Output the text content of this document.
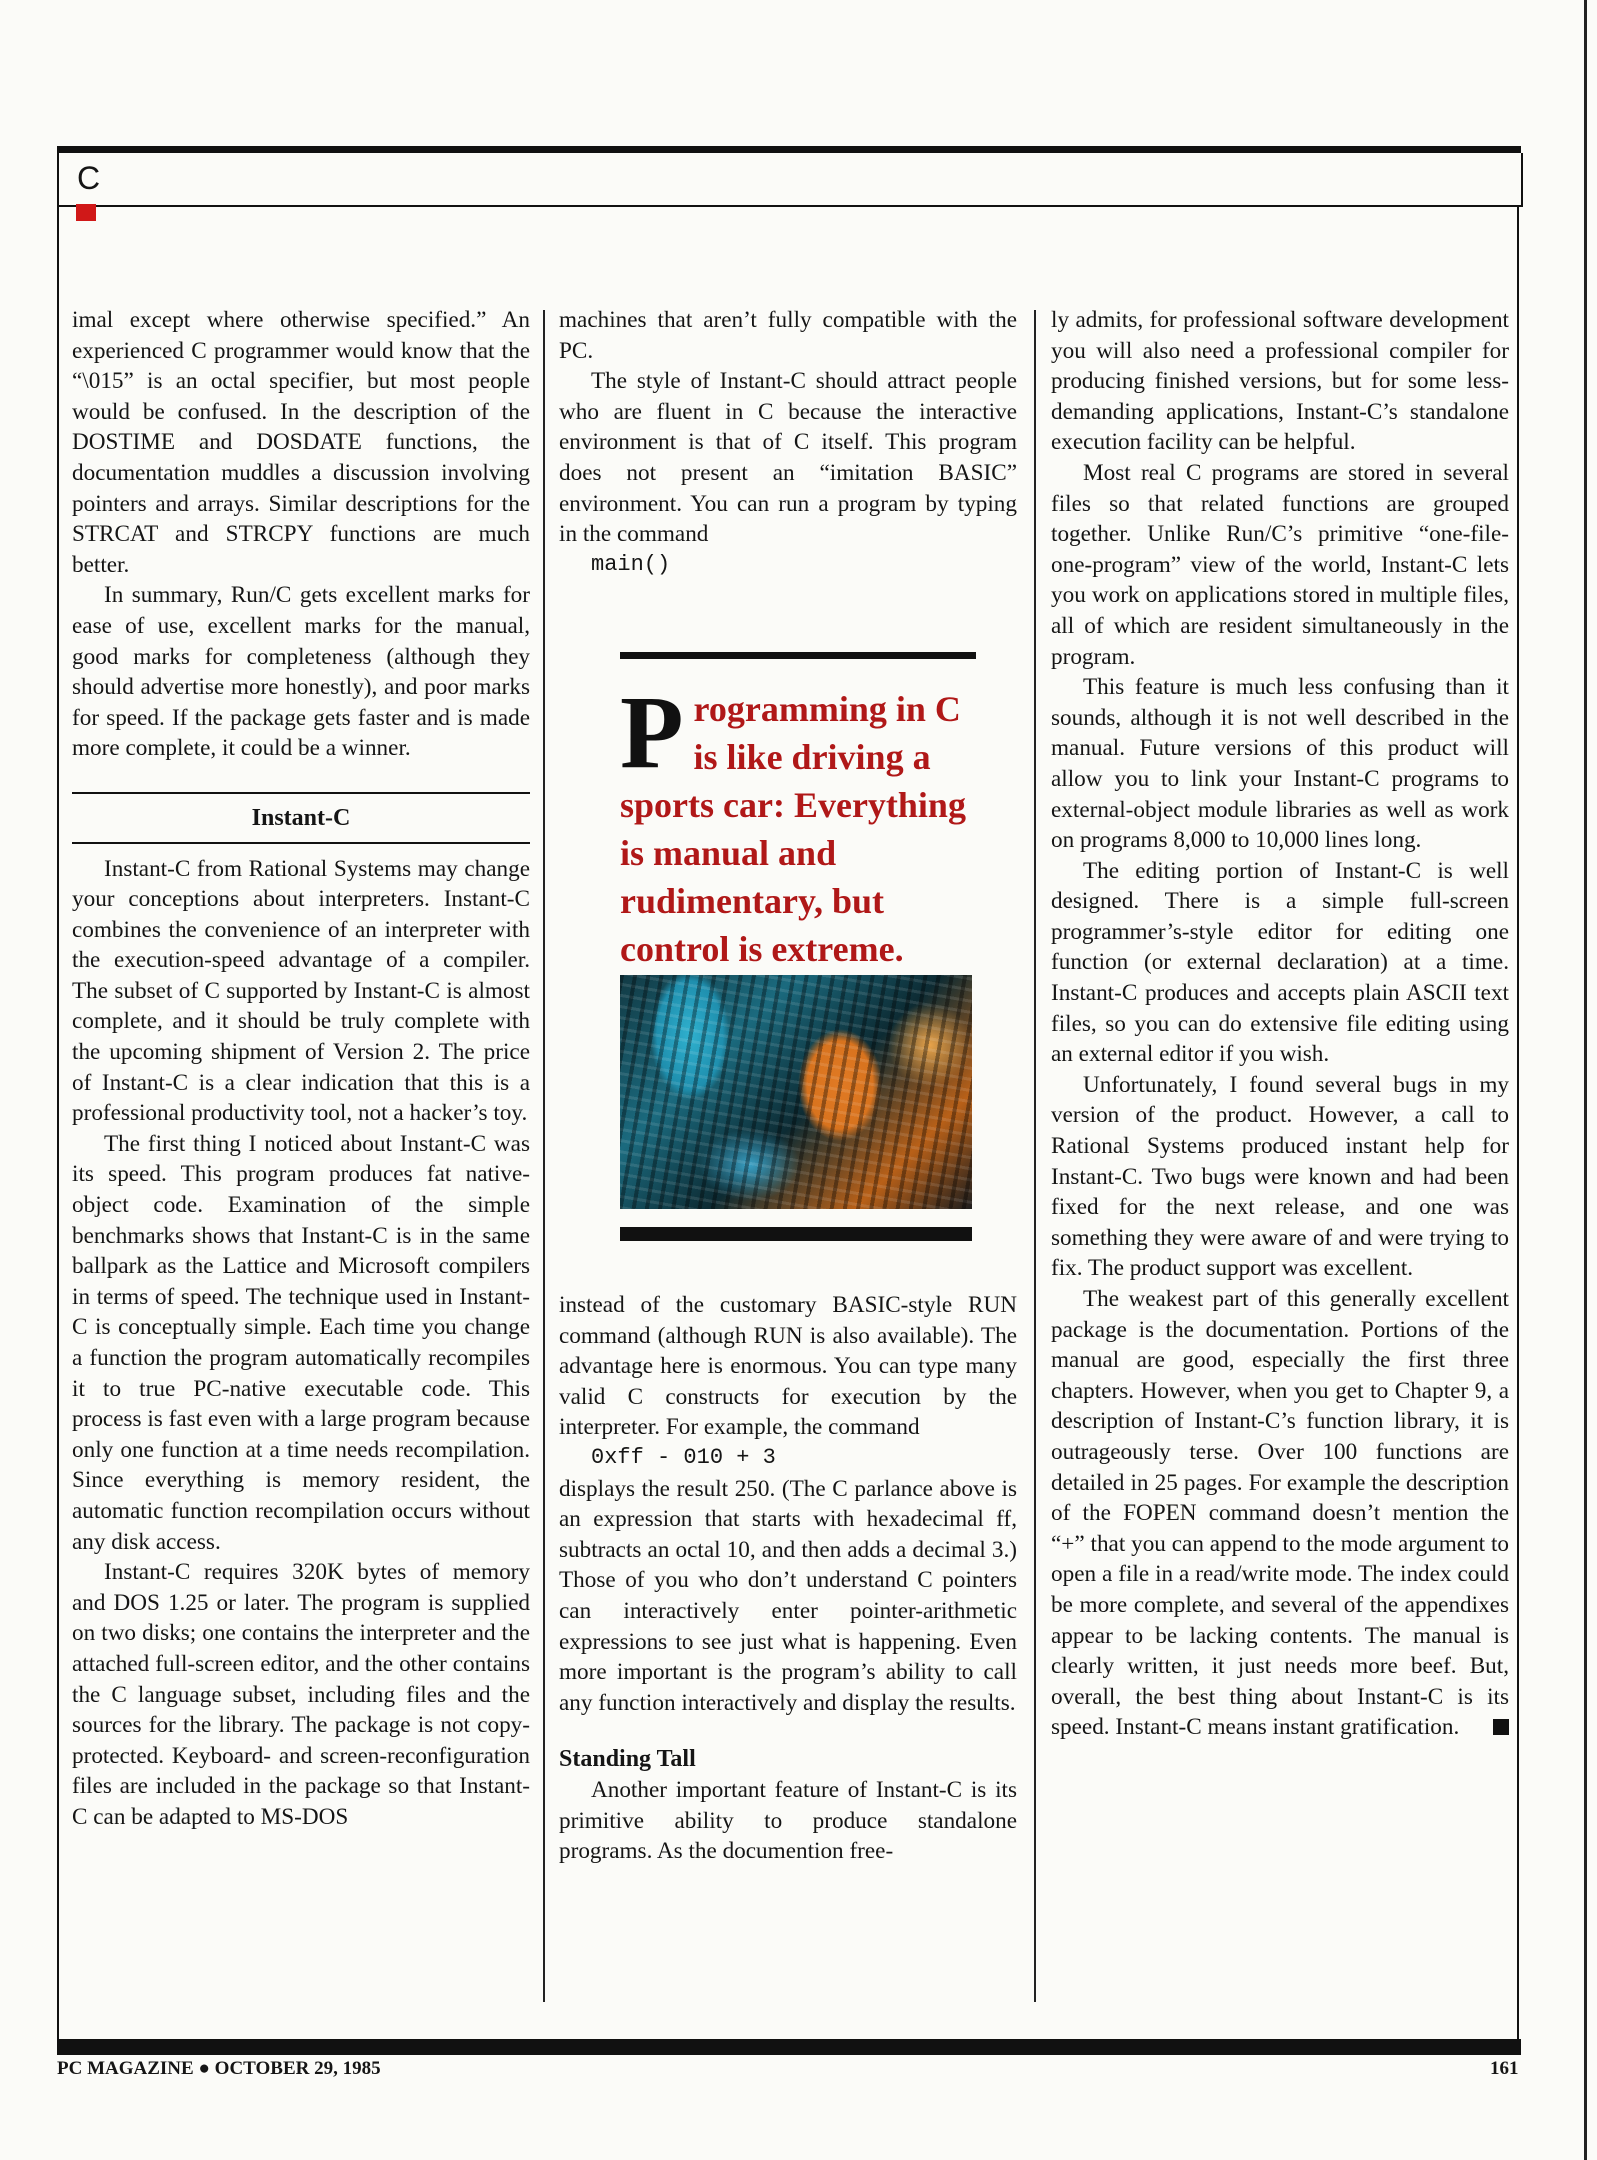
C

imal except where otherwise specified.” An experienced C programmer would know that the “\015” is an octal specifier, but most people would be confused. In the description of the DOSTIME and DOSDATE functions, the documentation muddles a discussion involving pointers and arrays. Similar descriptions for the STRCAT and STRCPY functions are much better.

In summary, Run/C gets excellent marks for ease of use, excellent marks for the manual, good marks for completeness (although they should advertise more honestly), and poor marks for speed. If the package gets faster and is made more complete, it could be a winner.

Instant-C

Instant-C from Rational Systems may change your conceptions about interpreters. Instant-C combines the convenience of an interpreter with the execution-speed advantage of a compiler. The subset of C supported by Instant-C is almost complete, and it should be truly complete with the upcoming shipment of Version 2. The price of Instant-C is a clear indication that this is a professional productivity tool, not a hacker’s toy.

The first thing I noticed about Instant-C was its speed. This program produces fat native-object code. Examination of the simple benchmarks shows that Instant-C is in the same ballpark as the Lattice and Microsoft compilers in terms of speed. The technique used in Instant-C is conceptually simple. Each time you change a function the program automatically recompiles it to true PC-native executable code. This process is fast even with a large program because only one function at a time needs recompilation. Since everything is memory resident, the automatic function recompilation occurs without any disk access.

Instant-C requires 320K bytes of memory and DOS 1.25 or later. The program is supplied on two disks; one contains the interpreter and the attached full-screen editor, and the other contains the C language subset, including files and the sources for the library. The package is not copy-protected. Keyboard- and screen-reconfiguration files are included in the package so that Instant-C can be adapted to MS-DOS

machines that aren’t fully compatible with the PC.

The style of Instant-C should attract people who are fluent in C because the interactive environment is that of C itself. This program does not present an “imitation BASIC” environment. You can run a program by typing in the command

main()

Programming in C is like driving a sports car: Everything is manual and rudimentary, but control is extreme.

instead of the customary BASIC-style RUN command (although RUN is also available). The advantage here is enormous. You can type many valid C constructs for execution by the interpreter. For example, the command

0xff - 010 + 3

displays the result 250. (The C parlance above is an expression that starts with hexadecimal ff, subtracts an octal 10, and then adds a decimal 3.) Those of you who don’t understand C pointers can interactively enter pointer-arithmetic expressions to see just what is happening. Even more important is the program’s ability to call any function interactively and display the results.

Standing Tall

Another important feature of Instant-C is its primitive ability to produce standalone programs. As the documention free-

ly admits, for professional software development you will also need a professional compiler for producing finished versions, but for some less-demanding applications, Instant-C’s standalone execution facility can be helpful.

Most real C programs are stored in several files so that related functions are grouped together. Unlike Run/C’s primitive “one-file-one-program” view of the world, Instant-C lets you work on applications stored in multiple files, all of which are resident simultaneously in the program.

This feature is much less confusing than it sounds, although it is not well described in the manual. Future versions of this product will allow you to link your Instant-C programs to external-object module libraries as well as work on programs 8,000 to 10,000 lines long.

The editing portion of Instant-C is well designed. There is a simple full-screen programmer’s-style editor for editing one function (or external declaration) at a time. Instant-C produces and accepts plain ASCII text files, so you can do extensive file editing using an external editor if you wish.

Unfortunately, I found several bugs in my version of the product. However, a call to Rational Systems produced instant help for Instant-C. Two bugs were known and had been fixed for the next release, and one was something they were aware of and were trying to fix. The product support was excellent.

The weakest part of this generally excellent package is the documentation. Portions of the manual are good, especially the first three chapters. However, when you get to Chapter 9, a description of Instant-C’s function library, it is outrageously terse. Over 100 functions are detailed in 25 pages. For example the description of the FOPEN command doesn’t mention the “+” that you can append to the mode argument to open a file in a read/write mode. The index could be more complete, and several of the appendixes appear to be lacking contents. The manual is clearly written, it just needs more beef. But, overall, the best thing about Instant-C is its speed. Instant-C means instant gratification.

PC MAGAZINE ● OCTOBER 29, 1985	161
